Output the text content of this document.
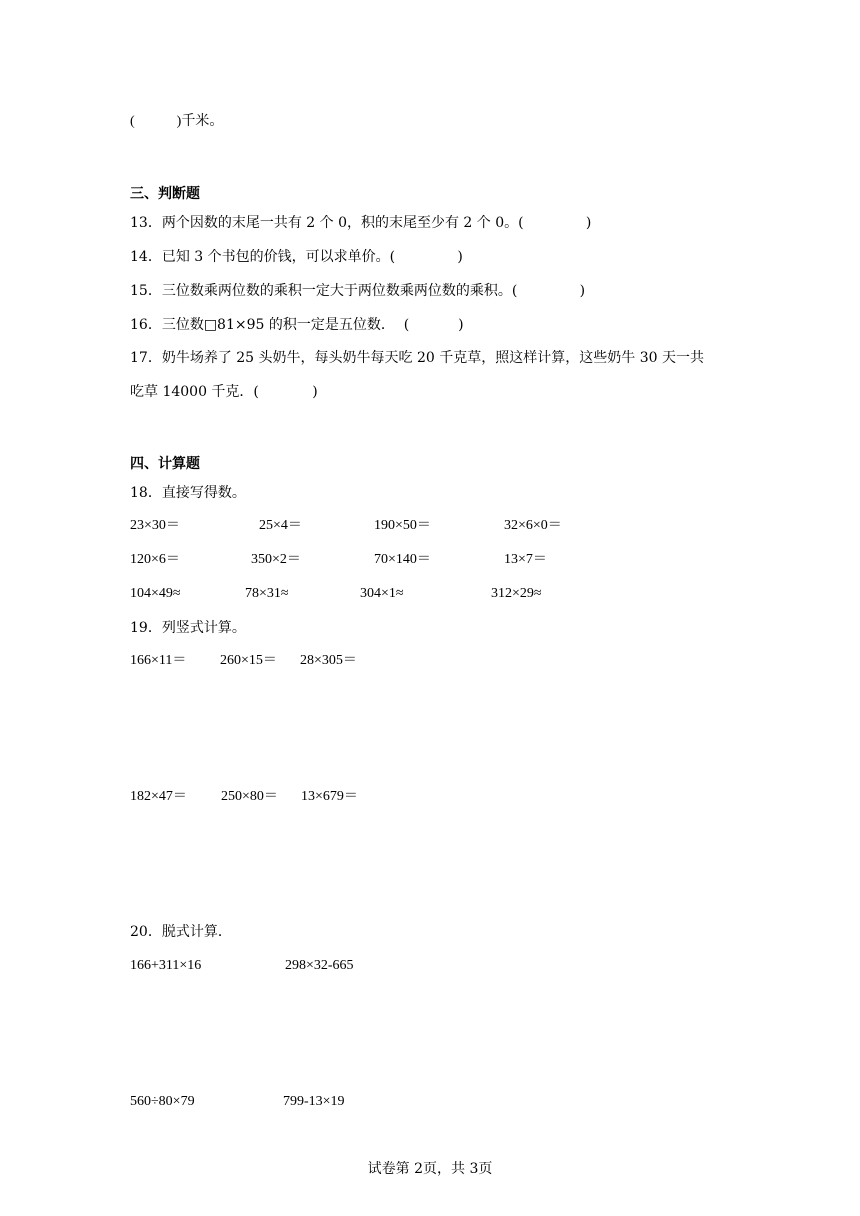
(            )千米。
三、判断题
13．两个因数的末尾一共有 2 个 0，积的末尾至少有 2 个 0。(              )
14．已知 3 个书包的价钱，可以求单价。(              )
15．三位数乘两位数的乘积一定大于两位数乘两位数的乘积。(              )
16．三位数□81×95 的积一定是五位数．  (           )
17．奶牛场养了 25 头奶牛，每头奶牛每天吃 20 千克草，照这样计算，这些奶牛 30 天一共
吃草 14000 千克．(            )
四、计算题
18．直接写得数。
23×30＝	25×4＝	190×50＝	32×6×0＝
120×6＝	350×2＝	70×140＝	13×7＝
104×49≈	78×31≈	304×1≈	312×29≈
19．列竖式计算。
166×11＝ 260×15＝ 28×305＝
182×47＝ 250×80＝ 13×679＝
20．脱式计算．
166+311×16	298×32-665
560÷80×79	799-13×19
试卷第 2页，共 3页
